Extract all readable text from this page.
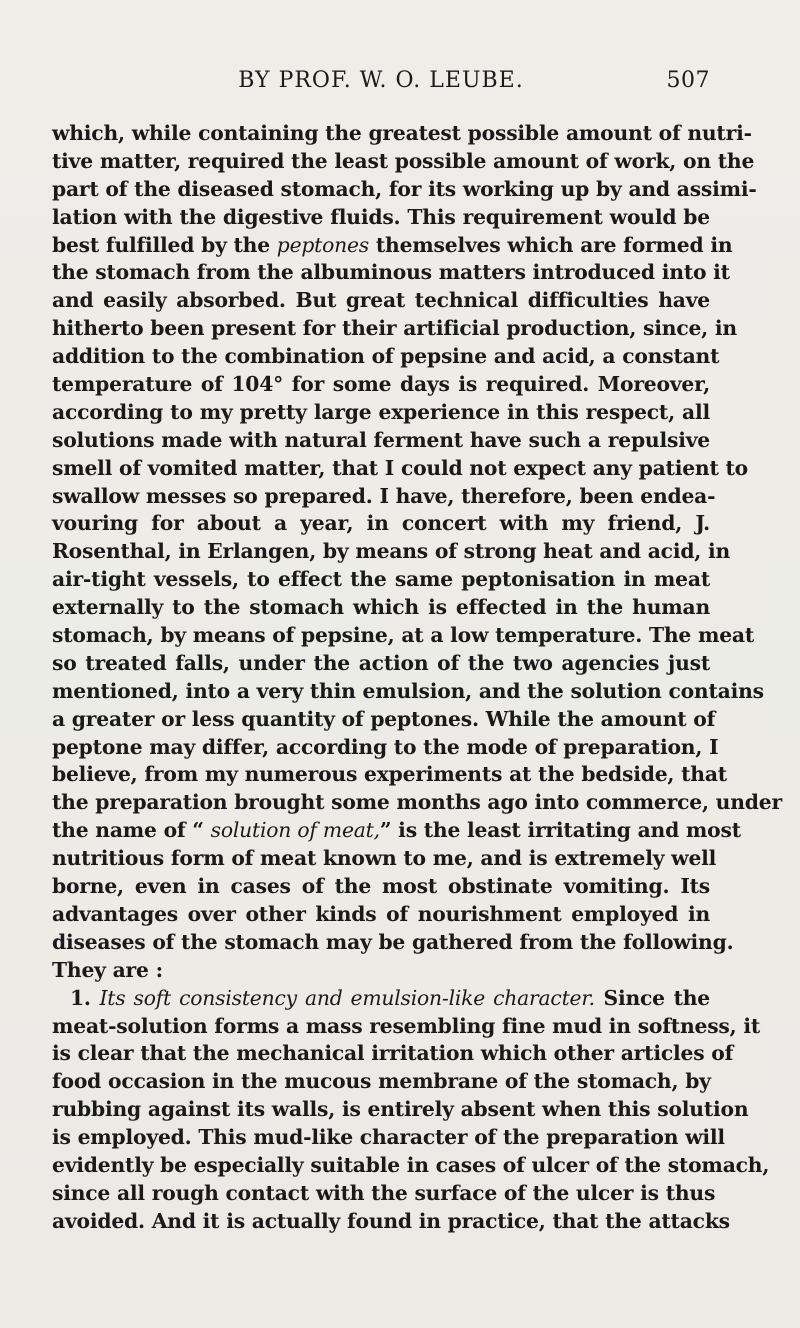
BY PROF. W. O. LEUBE.	507
which, while containing the greatest possible amount of nutri-
tive matter, required the least possible amount of work, on the
part of the diseased stomach, for its working up by and assimi-
lation with the digestive fluids. This requirement would be
best fulfilled by the peptones themselves which are formed in
the stomach from the albuminous matters introduced into it
and easily absorbed. But great technical difficulties have
hitherto been present for their artificial production, since, in
addition to the combination of pepsine and acid, a constant
temperature of 104° for some days is required. Moreover,
according to my pretty large experience in this respect, all
solutions made with natural ferment have such a repulsive
smell of vomited matter, that I could not expect any patient to
swallow messes so prepared. I have, therefore, been endea-
vouring for about a year, in concert with my friend, J.
Rosenthal, in Erlangen, by means of strong heat and acid, in
air-tight vessels, to effect the same peptonisation in meat
externally to the stomach which is effected in the human
stomach, by means of pepsine, at a low temperature. The meat
so treated falls, under the action of the two agencies just
mentioned, into a very thin emulsion, and the solution contains
a greater or less quantity of peptones. While the amount of
peptone may differ, according to the mode of preparation, I
believe, from my numerous experiments at the bedside, that
the preparation brought some months ago into commerce, under
the name of “ solution of meat,” is the least irritating and most
nutritious form of meat known to me, and is extremely well
borne, even in cases of the most obstinate vomiting. Its
advantages over other kinds of nourishment employed in
diseases of the stomach may be gathered from the following.
They are :
1. Its soft consistency and emulsion-like character. Since the
meat-solution forms a mass resembling fine mud in softness, it
is clear that the mechanical irritation which other articles of
food occasion in the mucous membrane of the stomach, by
rubbing against its walls, is entirely absent when this solution
is employed. This mud-like character of the preparation will
evidently be especially suitable in cases of ulcer of the stomach,
since all rough contact with the surface of the ulcer is thus
avoided. And it is actually found in practice, that the attacks
